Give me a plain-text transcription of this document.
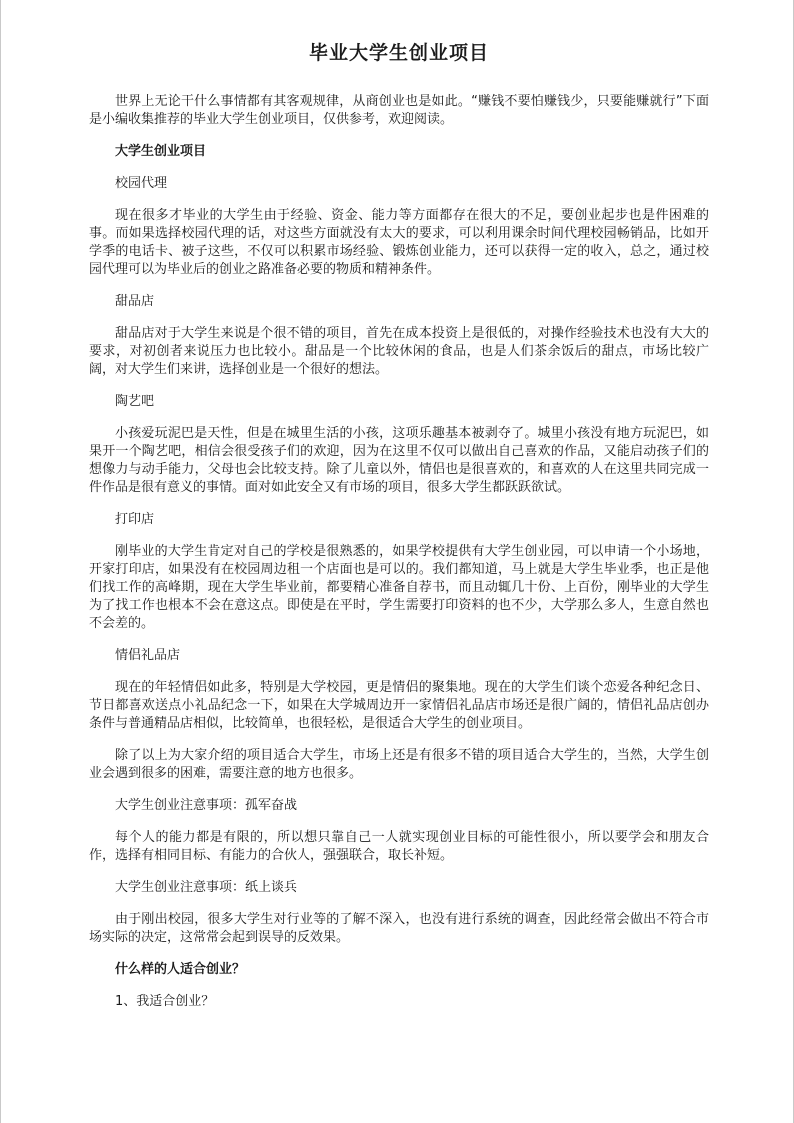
毕业大学生创业项目

世界上无论干什么事情都有其客观规律，从商创业也是如此。“赚钱不要怕赚钱少，只要能赚就行”下面是小编收集推荐的毕业大学生创业项目，仅供参考，欢迎阅读。

大学生创业项目

校园代理

现在很多才毕业的大学生由于经验、资金、能力等方面都存在很大的不足，要创业起步也是件困难的事。而如果选择校园代理的话，对这些方面就没有太大的要求，可以利用课余时间代理校园畅销品，比如开学季的电话卡、被子这些，不仅可以积累市场经验、锻炼创业能力，还可以获得一定的收入，总之，通过校园代理可以为毕业后的创业之路准备必要的物质和精神条件。

甜品店

甜品店对于大学生来说是个很不错的项目，首先在成本投资上是很低的，对操作经验技术也没有大大的要求，对初创者来说压力也比较小。甜品是一个比较休闲的食品，也是人们茶余饭后的甜点，市场比较广阔，对大学生们来讲，选择创业是一个很好的想法。

陶艺吧

小孩爱玩泥巴是天性，但是在城里生活的小孩，这项乐趣基本被剥夺了。城里小孩没有地方玩泥巴，如果开一个陶艺吧，相信会很受孩子们的欢迎，因为在这里不仅可以做出自己喜欢的作品，又能启动孩子们的想像力与动手能力，父母也会比较支持。除了儿童以外，情侣也是很喜欢的，和喜欢的人在这里共同完成一件作品是很有意义的事情。面对如此安全又有市场的项目，很多大学生都跃跃欲试。

打印店

刚毕业的大学生肯定对自己的学校是很熟悉的，如果学校提供有大学生创业园，可以申请一个小场地，开家打印店，如果没有在校园周边租一个店面也是可以的。我们都知道，马上就是大学生毕业季，也正是他们找工作的高峰期，现在大学生毕业前，都要精心准备自荐书，而且动辄几十份、上百份，刚毕业的大学生为了找工作也根本不会在意这点。即使是在平时，学生需要打印资料的也不少，大学那么多人，生意自然也不会差的。

情侣礼品店

现在的年轻情侣如此多，特别是大学校园，更是情侣的聚集地。现在的大学生们谈个恋爱各种纪念日、节日都喜欢送点小礼品纪念一下，如果在大学城周边开一家情侣礼品店市场还是很广阔的，情侣礼品店创办条件与普通精品店相似，比较简单，也很轻松，是很适合大学生的创业项目。

除了以上为大家介绍的项目适合大学生，市场上还是有很多不错的项目适合大学生的，当然，大学生创业会遇到很多的困难，需要注意的地方也很多。

大学生创业注意事项：孤军奋战

每个人的能力都是有限的，所以想只靠自己一人就实现创业目标的可能性很小，所以要学会和朋友合作，选择有相同目标、有能力的合伙人，强强联合，取长补短。

大学生创业注意事项：纸上谈兵

由于刚出校园，很多大学生对行业等的了解不深入，也没有进行系统的调查，因此经常会做出不符合市场实际的决定，这常常会起到误导的反效果。

什么样的人适合创业？

1、我适合创业？
